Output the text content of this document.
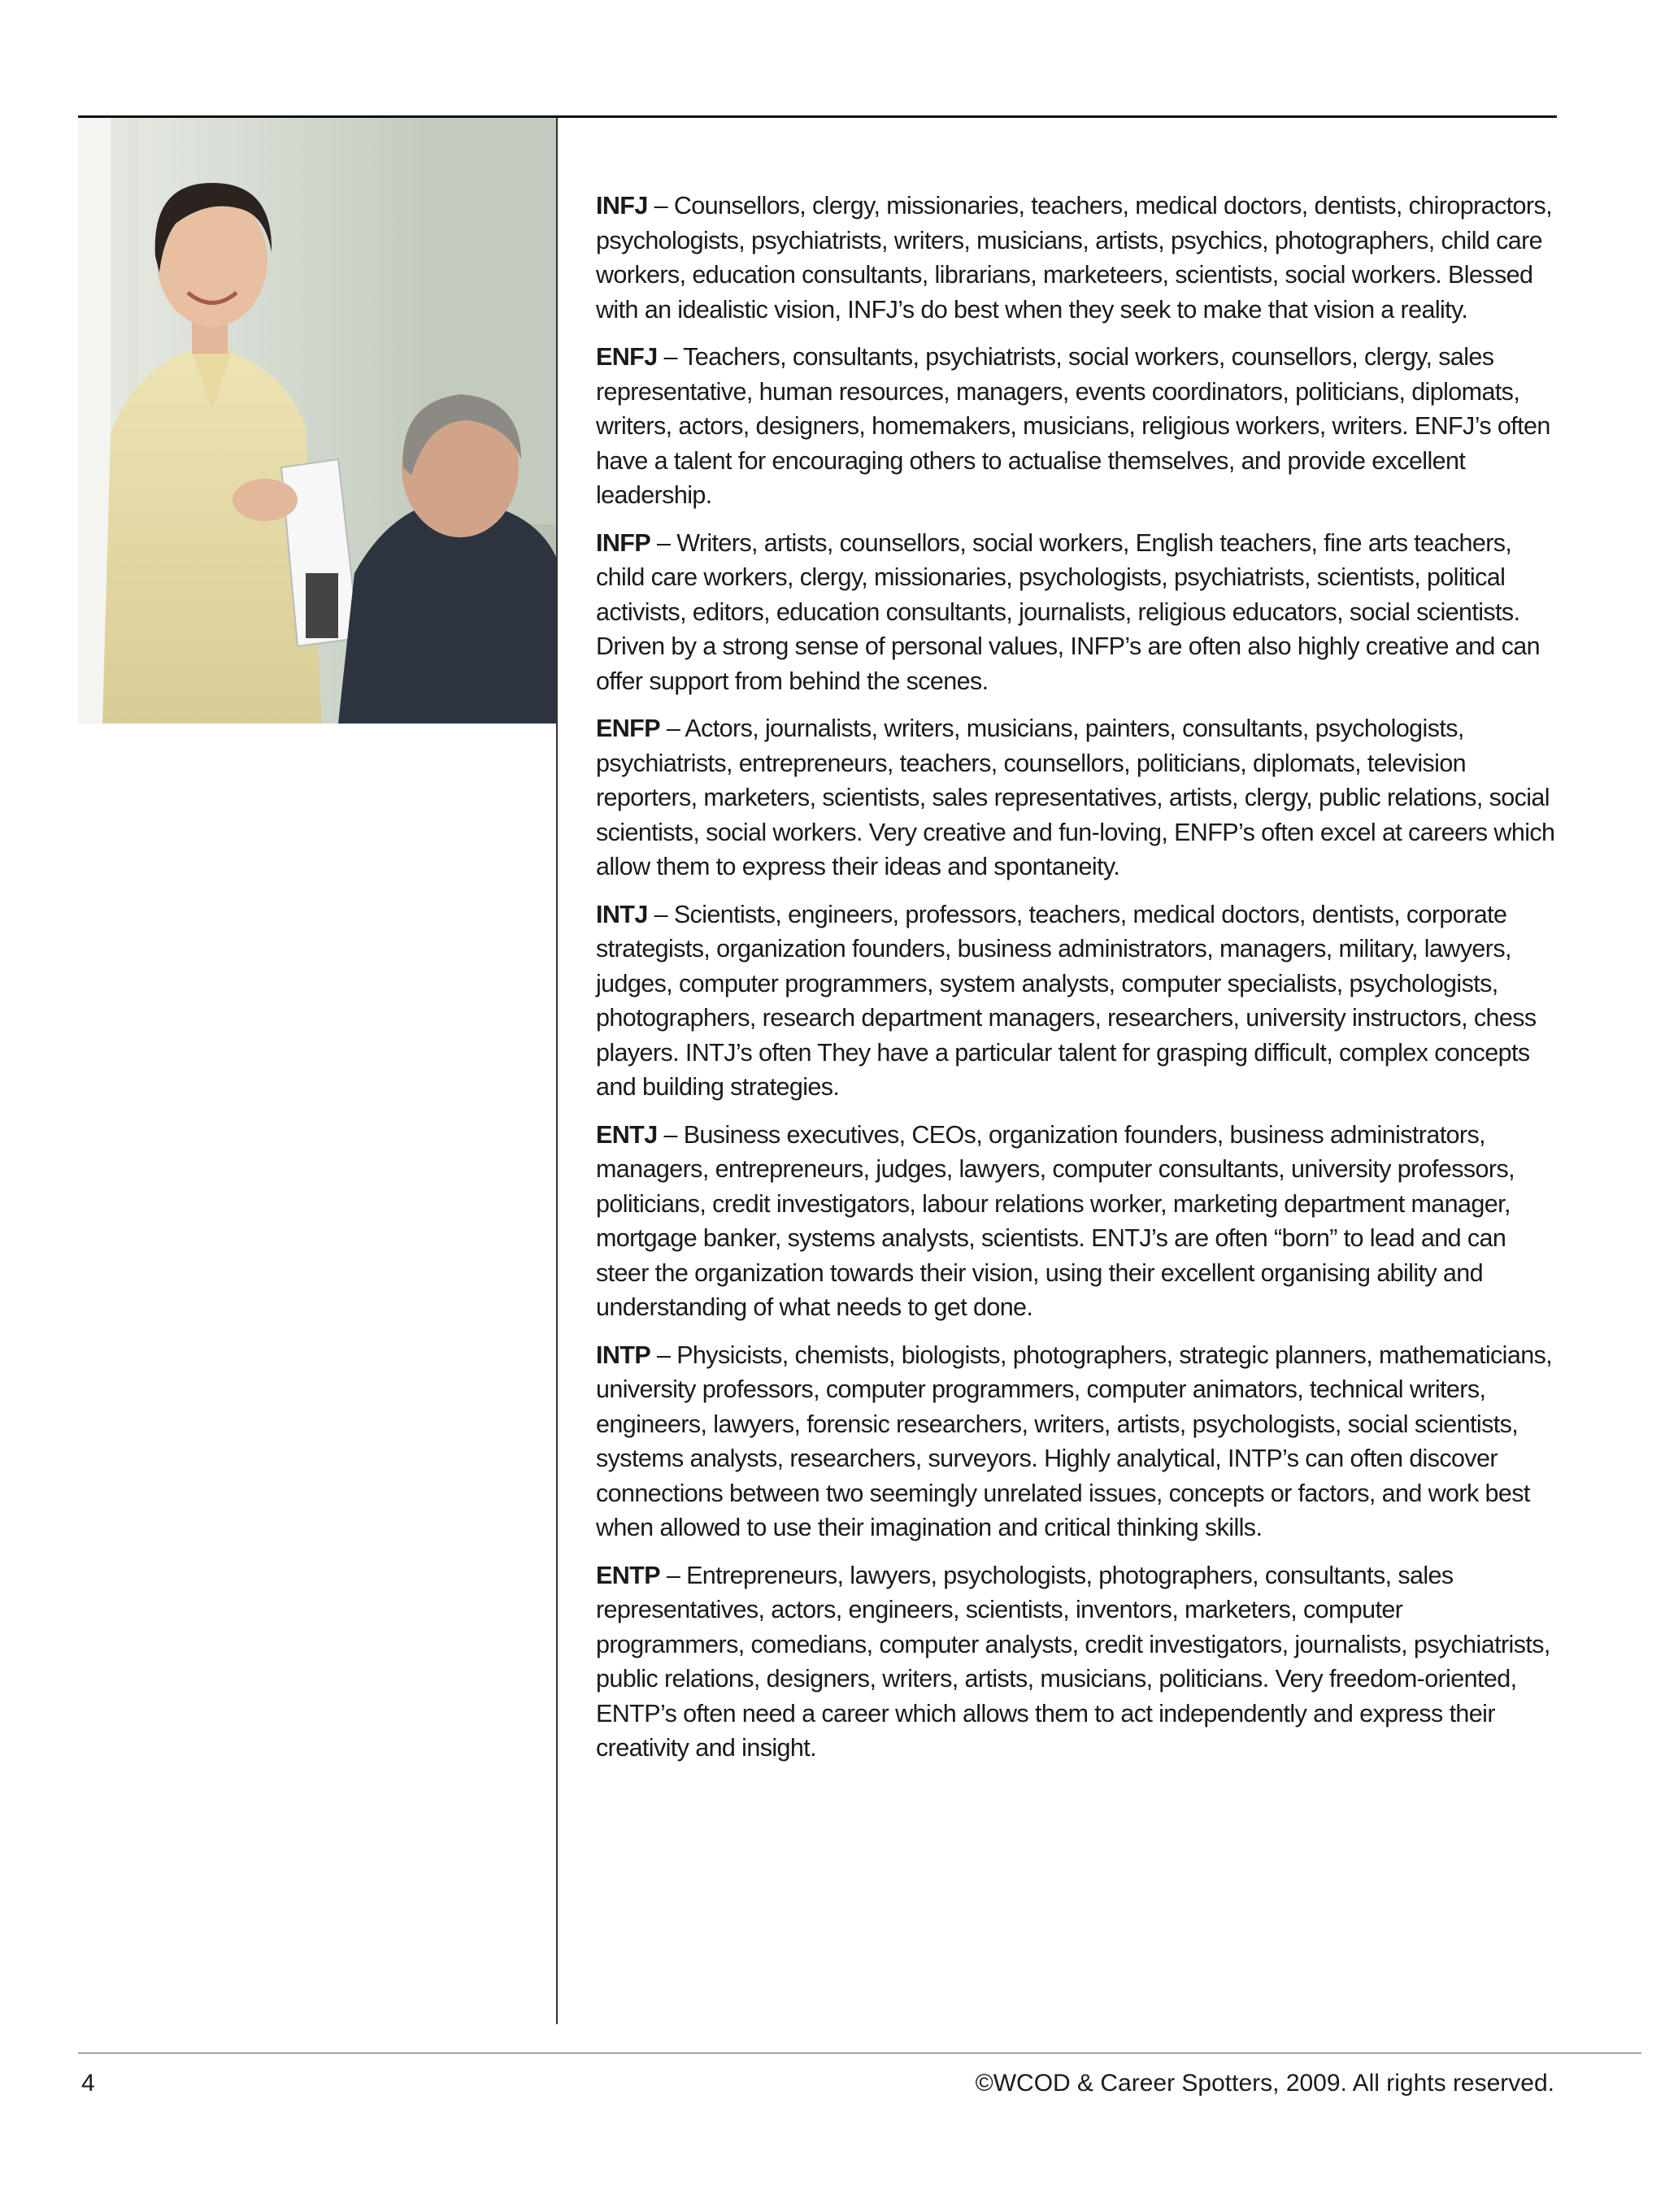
INFJ – Counsellors, clergy, missionaries, teachers, medical doctors, dentists, chiropractors, psychologists, psychiatrists, writers, musicians, artists, psychics, photographers, child care workers, education consultants, librarians, marketeers, scientists, social workers. Blessed with an idealistic vision, INFJ’s do best when they seek to make that vision a reality.

ENFJ – Teachers, consultants, psychiatrists, social workers, counsellors, clergy, sales representative, human resources, managers, events coordinators, politicians, diplomats, writers, actors, designers, homemakers, musicians, religious workers, writers. ENFJ’s often have a talent for encouraging others to actualise themselves, and provide excellent leadership.

INFP – Writers, artists, counsellors, social workers, English teachers, fine arts teachers, child care workers, clergy, missionaries, psychologists, psychiatrists, scientists, political activists, editors, education consultants, journalists, religious educators, social scientists. Driven by a strong sense of personal values, INFP’s are often also highly creative and can offer support from behind the scenes.

ENFP – Actors, journalists, writers, musicians, painters, consultants, psychologists, psychiatrists, entrepreneurs, teachers, counsellors, politicians, diplomats, television reporters, marketers, scientists, sales representatives, artists, clergy, public relations, social scientists, social workers. Very creative and fun-loving, ENFP’s often excel at careers which allow them to express their ideas and spontaneity.

INTJ – Scientists, engineers, professors, teachers, medical doctors, dentists, corporate strategists, organization founders, business administrators, managers, military, lawyers, judges, computer programmers, system analysts, computer specialists, psychologists, photographers, research department managers, researchers, university instructors, chess players. INTJ’s often They have a particular talent for grasping difficult, complex concepts and building strategies.

ENTJ – Business executives, CEOs, organization founders, business administrators, managers, entrepreneurs, judges, lawyers, computer consultants, university professors, politicians, credit investigators, labour relations worker, marketing department manager, mortgage banker, systems analysts, scientists. ENTJ’s are often “born” to lead and can steer the organization towards their vision, using their excellent organising ability and understanding of what needs to get done.

INTP – Physicists, chemists, biologists, photographers, strategic planners, mathematicians, university professors, computer programmers, computer animators, technical writers, engineers, lawyers, forensic researchers, writers, artists, psychologists, social scientists, systems analysts, researchers, surveyors. Highly analytical, INTP’s can often discover connections between two seemingly unrelated issues, concepts or factors, and work best when allowed to use their imagination and critical thinking skills.

ENTP – Entrepreneurs, lawyers, psychologists, photographers, consultants, sales representatives, actors, engineers, scientists, inventors, marketers, computer programmers, comedians, computer analysts, credit investigators, journalists, psychiatrists, public relations, designers, writers, artists, musicians, politicians. Very freedom-oriented, ENTP’s often need a career which allows them to act independently and express their creativity and insight.

4	©WCOD & Career Spotters, 2009. All rights reserved.
